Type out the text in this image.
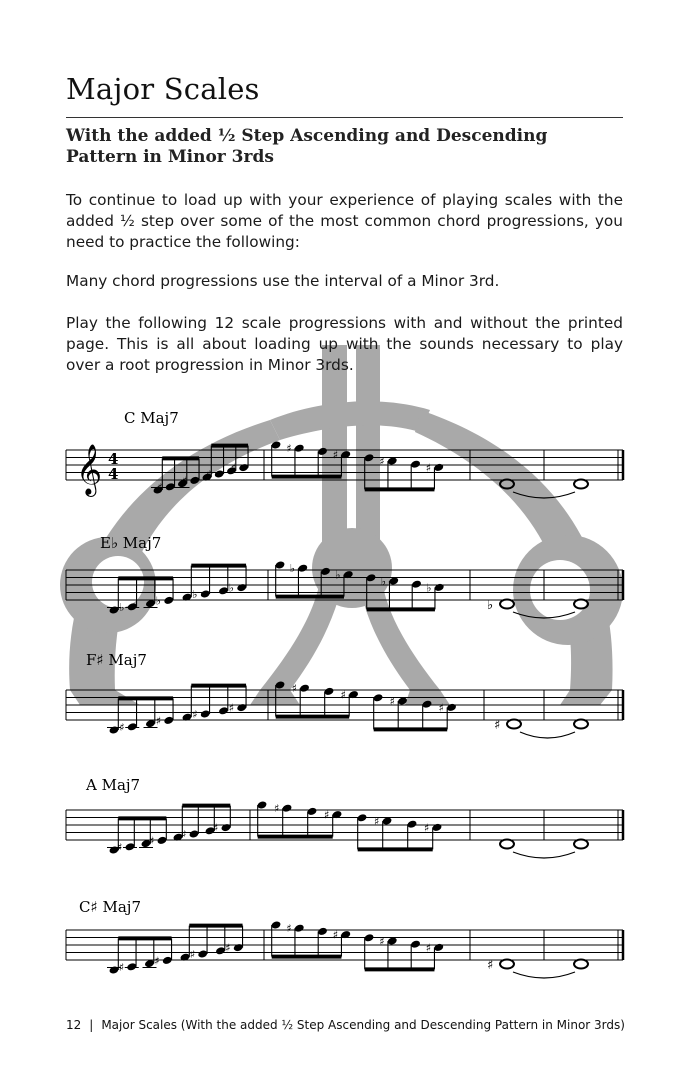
Major Scales
With the added ½ Step Ascending and Descending
Pattern in Minor 3rds
To continue to load up with your experience of playing scales with the added ½ step over some of the most common chord progressions, you need to practice the following:
Many chord progressions use the interval of a Minor 3rd.
Play the following 12 scale progressions with and without the printed page. This is all about loading up with the sounds necessary to play over a root progression in Minor 3rds.
C Maj7
𝄞 4
4
♯ ♯ ♯ ♯
♯	♯	♯	♯
E♭ Maj7
♭	♭	♭	♭
♭	♭	♭	♭
♭
F♯ Maj7
♯	♯	♯	♯
♯	♯	♯	♯
♯
A Maj7
♯ ♯ ♯ ♯
♯	♯	♯	♯
C♯ Maj7
♯	♯	♯	♯
♯	♯	♯	♯
♯
12 | Major Scales (With the added ½ Step Ascending and Descending Pattern in Minor 3rds)
